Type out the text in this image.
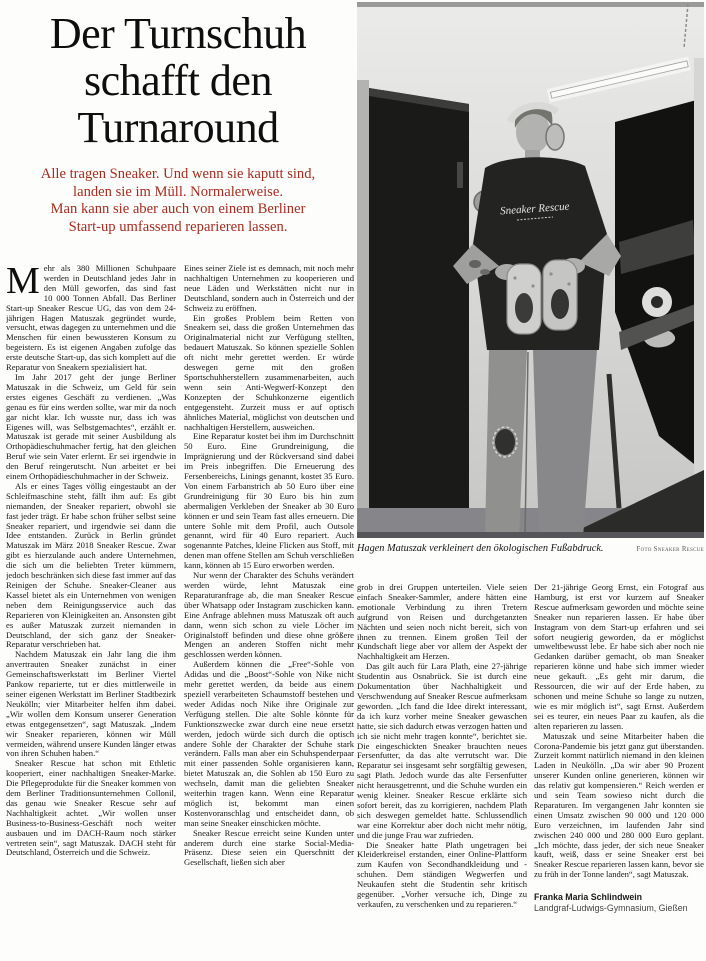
Der Turnschuh
schafft den
Turnaround
Alle tragen Sneaker. Und wenn sie kaputt sind,
landen sie im Müll. Normalerweise.
Man kann sie aber auch von einem Berliner
Start-up umfassend reparieren lassen.
Sneaker Rescue
Hagen Matuszak verkleinert den ökologischen Fußabdruck.	Foto Sneaker Rescue

Mehr als 380 Millionen Schuhpaare werden in Deutschland jedes Jahr in den Müll geworfen, das sind fast 10 000 Tonnen Abfall. Das Berliner Start-up Sneaker Rescue UG, das von dem 24-jährigen Hagen Matuszak gegründet wurde, versucht, etwas dagegen zu unternehmen und die Menschen für einen bewussteren Konsum zu begeistern. Es ist eigenen Angaben zufolge das erste deutsche Start-up, das sich komplett auf die Reparatur von Sneakern spezialisiert hat.

Im Jahr 2017 geht der junge Berliner Matuszak in die Schweiz, um Geld für sein erstes eigenes Geschäft zu verdienen. „Was genau es für eins werden sollte, war mir da noch gar nicht klar. Ich wusste nur, dass ich was Eigenes will, was Selbstgemachtes“, erzählt er. Matuszak ist gerade mit seiner Ausbildung als Orthopädieschuhmacher fertig, hat den gleichen Beruf wie sein Vater erlernt. Er sei irgendwie in den Beruf reingerutscht. Nun arbeitet er bei einem Orthopädieschuhmacher in der Schweiz.

Als er eines Tages völlig eingestaubt an der Schleifmaschine steht, fällt ihm auf: Es gibt niemanden, der Sneaker repariert, obwohl sie fast jeder trägt. Er habe schon früher selbst seine Sneaker repariert, und irgendwie sei dann die Idee entstanden. Zurück in Berlin gründet Matuszak im März 2018 Sneaker Rescue. Zwar gibt es hierzulande auch andere Unternehmen, die sich um die beliebten Treter kümmern, jedoch beschränken sich diese fast immer auf das Reinigen der Schuhe. Sneaker-Cleaner aus Kassel bietet als ein Unternehmen von wenigen neben dem Reinigungsservice auch das Reparieren von Kleinigkeiten an. Ansonsten gibt es außer Matuszak zurzeit niemanden in Deutschland, der sich ganz der Sneaker-Reparatur verschrieben hat.

Nachdem Matuszak ein Jahr lang die ihm anvertrauten Sneaker zunächst in einer Gemeinschaftswerkstatt im Berliner Viertel Pankow reparierte, tut er dies mittlerweile in seiner eigenen Werkstatt im Berliner Stadtbezirk Neukölln; vier Mitarbeiter helfen ihm dabei. „Wir wollen dem Konsum unserer Generation etwas entgegensetzen“, sagt Matuszak. „Indem wir Sneaker reparieren, können wir Müll vermeiden, während unsere Kunden länger etwas von ihren Schuhen haben.“

Sneaker Rescue hat schon mit Ethletic kooperiert, einer nachhaltigen Sneaker-Marke. Die Pflegeprodukte für die Sneaker kommen von dem Berliner Traditionsunternehmen Collonil, das genau wie Sneaker Rescue sehr auf Nachhaltigkeit achtet. „Wir wollen unser Business-to-Business-Geschäft noch weiter ausbauen und im DACH-Raum noch stärker vertreten sein“, sagt Matuszak. DACH steht für Deutschland, Österreich und die Schweiz.

Eines seiner Ziele ist es demnach, mit noch mehr nachhaltigen Unternehmen zu kooperieren und neue Läden und Werkstätten nicht nur in Deutschland, sondern auch in Österreich und der Schweiz zu eröffnen.

Ein großes Problem beim Retten von Sneakern sei, dass die großen Unternehmen das Originalmaterial nicht zur Verfügung stellten, bedauert Matuszak. So können spezielle Sohlen oft nicht mehr gerettet werden. Er würde deswegen gerne mit den großen Sportschuhherstellern zusammenarbeiten, auch wenn sein Anti-Wegwerf-Konzept den Konzepten der Schuhkonzerne eigentlich entgegensteht. Zurzeit muss er auf optisch ähnliches Material, möglichst von deutschen und nachhaltigen Herstellern, ausweichen.

Eine Reparatur kostet bei ihm im Durchschnitt 50 Euro. Eine Grundreinigung, die Imprägnierung und der Rückversand sind dabei im Preis inbegriffen. Die Erneuerung des Fersenbereichs, Linings genannt, kostet 35 Euro. Von einem Farbanstrich ab 50 Euro über eine Grundreinigung für 30 Euro bis hin zum abermaligen Verkleben der Sneaker ab 30 Euro können er und sein Team fast alles erneuern. Die untere Sohle mit dem Profil, auch Outsole genannt, wird für 40 Euro repariert. Auch sogenannte Patches, kleine Flicken aus Stoff, mit denen man offene Stellen am Schuh verschließen kann, können ab 15 Euro erworben werden.

Nur wenn der Charakter des Schuhs verändert werden würde, lehnt Matuszak eine Reparaturanfrage ab, die man Sneaker Rescue über Whatsapp oder Instagram zuschicken kann. Eine Anfrage ablehnen muss Matuszak oft auch dann, wenn sich schon zu viele Löcher im Originalstoff befinden und diese ohne größere Mengen an anderen Stoffen nicht mehr geschlossen werden können.

Außerdem können die „Free“-Sohle von Adidas und die „Boost“-Sohle von Nike nicht mehr gerettet werden, da beide aus einem speziell verarbeiteten Schaumstoff bestehen und weder Adidas noch Nike ihre Originale zur Verfügung stellen. Die alte Sohle könnte für Funktionszwecke zwar durch eine neue ersetzt werden, jedoch würde sich durch die optisch andere Sohle der Charakter der Schuhe stark verändern. Falls man aber ein Schuhspenderpaar mit einer passenden Sohle organisieren kann, bietet Matuszak an, die Sohlen ab 150 Euro zu wechseln, damit man die geliebten Sneaker weiterhin tragen kann. Wenn eine Reparatur möglich ist, bekommt man einen Kostenvoranschlag und entscheidet dann, ob man seine Sneaker einschicken möchte.

Sneaker Rescue erreicht seine Kunden unter anderem durch eine starke Social-Media-Präsenz. Diese seien ein Querschnitt der Gesellschaft, ließen sich aber

grob in drei Gruppen unterteilen. Viele seien einfach Sneaker-Sammler, andere hätten eine emotionale Verbindung zu ihren Tretern aufgrund von Reisen und durchgetanzten Nächten und seien noch nicht bereit, sich von ihnen zu trennen. Einem großen Teil der Kundschaft liege aber vor allem der Aspekt der Nachhaltigkeit am Herzen.

Das gilt auch für Lara Plath, eine 27-jährige Studentin aus Osnabrück. Sie ist durch eine Dokumentation über Nachhaltigkeit und Verschwendung auf Sneaker Rescue aufmerksam geworden. „Ich fand die Idee direkt interessant, da ich kurz vorher meine Sneaker gewaschen hatte, sie sich dadurch etwas verzogen hatten und ich sie nicht mehr tragen konnte“, berichtet sie. Die eingeschickten Sneaker brauchten neues Fersenfutter, da das alte verrutscht war. Die Reparatur sei insgesamt sehr sorgfältig gewesen, sagt Plath. Jedoch wurde das alte Fersenfutter nicht herausgetrennt, und die Schuhe wurden ein wenig kleiner. Sneaker Rescue erklärte sich sofort bereit, das zu korrigieren, nachdem Plath sich deswegen gemeldet hatte. Schlussendlich war eine Korrektur aber doch nicht mehr nötig, und die junge Frau war zufrieden.

Die Sneaker hatte Plath ungetragen bei Kleiderkreisel erstanden, einer Online-Plattform zum Kaufen von Secondhandkleidung und -schuhen. Dem ständigen Wegwerfen und Neukaufen steht die Studentin sehr kritisch gegenüber. „Vorher versuche ich, Dinge zu verkaufen, zu verschenken und zu reparieren.“

Der 21-jährige Georg Ernst, ein Fotograf aus Hamburg, ist erst vor kurzem auf Sneaker Rescue aufmerksam geworden und möchte seine Sneaker nun reparieren lassen. Er habe über Instagram von dem Start-up erfahren und sei sofort neugierig geworden, da er möglichst umweltbewusst lebe. Er habe sich aber noch nie Gedanken darüber gemacht, ob man Sneaker reparieren könne und habe sich immer wieder neue gekauft. „Es geht mir darum, die Ressourcen, die wir auf der Erde haben, zu schonen und meine Schuhe so lange zu nutzen, wie es mir möglich ist“, sagt Ernst. Außerdem sei es teurer, ein neues Paar zu kaufen, als die alten reparieren zu lassen.

Matuszak und seine Mitarbeiter haben die Corona-Pandemie bis jetzt ganz gut überstanden. Zurzeit kommt natürlich niemand in den kleinen Laden in Neukölln. „Da wir aber 90 Prozent unserer Kunden online generieren, können wir das relativ gut kompensieren.“ Reich werden er und sein Team sowieso nicht durch die Reparaturen. Im vergangenen Jahr konnten sie einen Umsatz zwischen 90 000 und 120 000 Euro verzeichnen, im laufenden Jahr sind zwischen 240 000 und 280 000 Euro geplant. „Ich möchte, dass jeder, der sich neue Sneaker kauft, weiß, dass er seine Sneaker erst bei Sneaker Rescue reparieren lassen kann, bevor sie zu früh in der Tonne landen“, sagt Matuszak.

Franka Maria Schlindwein
Landgraf-Ludwigs-Gymnasium, Gießen
